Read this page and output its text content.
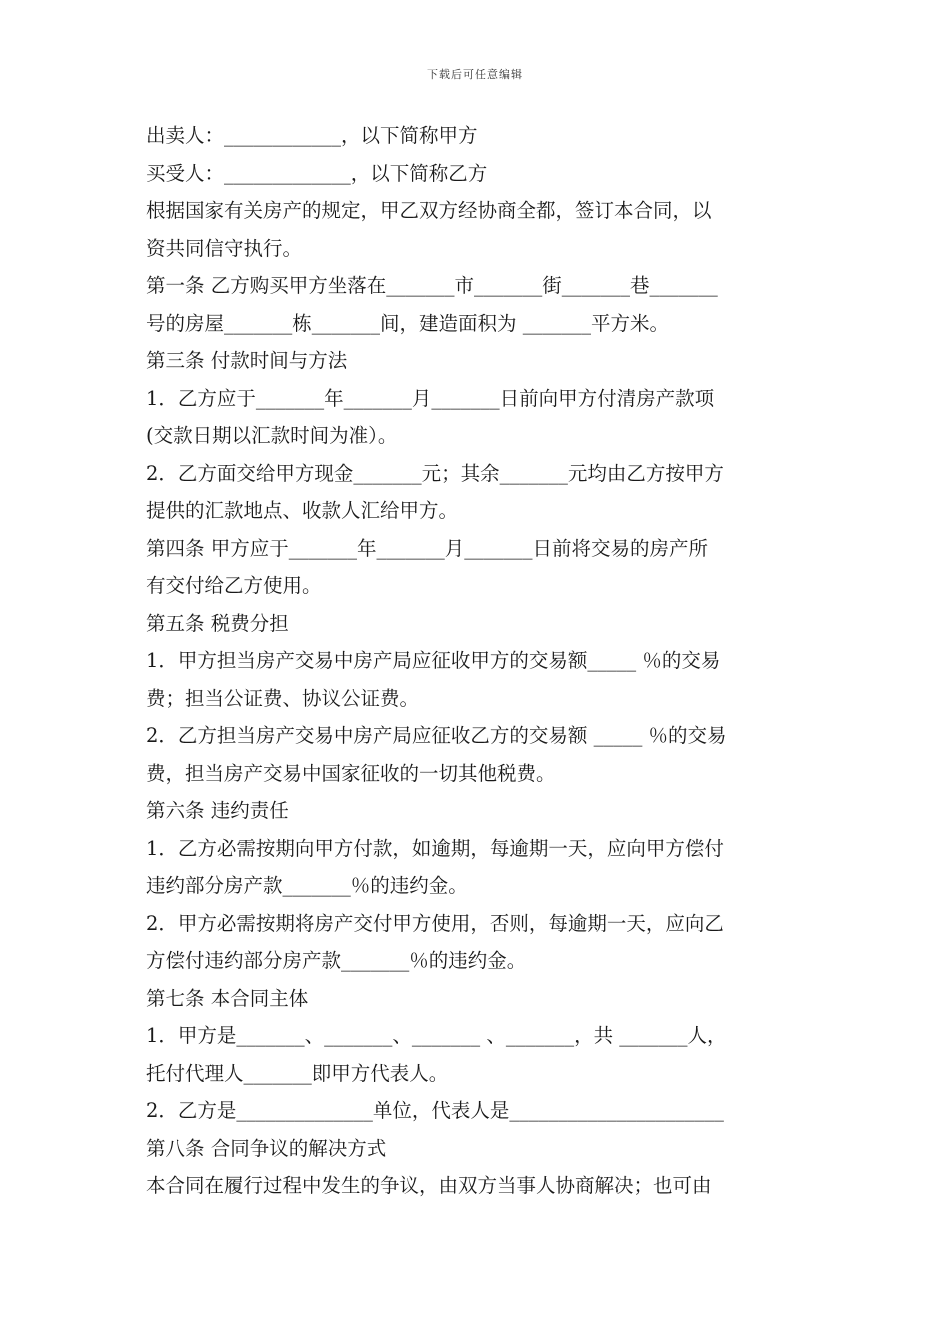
下载后可任意编辑
出卖人：____________，以下简称甲方
买受人：_____________，以下简称乙方
根据国家有关房产的规定，甲乙双方经协商全都，签订本合同，以
资共同信守执行。
第一条 乙方购买甲方坐落在_______市_______街_______巷_______
号的房屋_______栋_______间，建造面积为 _______平方米。
第三条 付款时间与方法
1．乙方应于_______年_______月_______日前向甲方付清房产款项
(交款日期以汇款时间为准）。
2．乙方面交给甲方现金_______元；其余_______元均由乙方按甲方
提供的汇款地点、收款人汇给甲方。
第四条 甲方应于_______年_______月_______日前将交易的房产所
有交付给乙方使用。
第五条 税费分担
1．甲方担当房产交易中房产局应征收甲方的交易额_____ ％的交易
费；担当公证费、协议公证费。
2．乙方担当房产交易中房产局应征收乙方的交易额 _____ ％的交易
费，担当房产交易中国家征收的一切其他税费。
第六条 违约责任
1．乙方必需按期向甲方付款，如逾期，每逾期一天，应向甲方偿付
违约部分房产款_______％的违约金。
2．甲方必需按期将房产交付甲方使用，否则，每逾期一天，应向乙
方偿付违约部分房产款_______％的违约金。
第七条 本合同主体
1．甲方是_______、_______、_______ 、_______，共 _______人，
托付代理人_______即甲方代表人。
2．乙方是______________单位，代表人是______________________
第八条 合同争议的解决方式
本合同在履行过程中发生的争议，由双方当事人协商解决；也可由
